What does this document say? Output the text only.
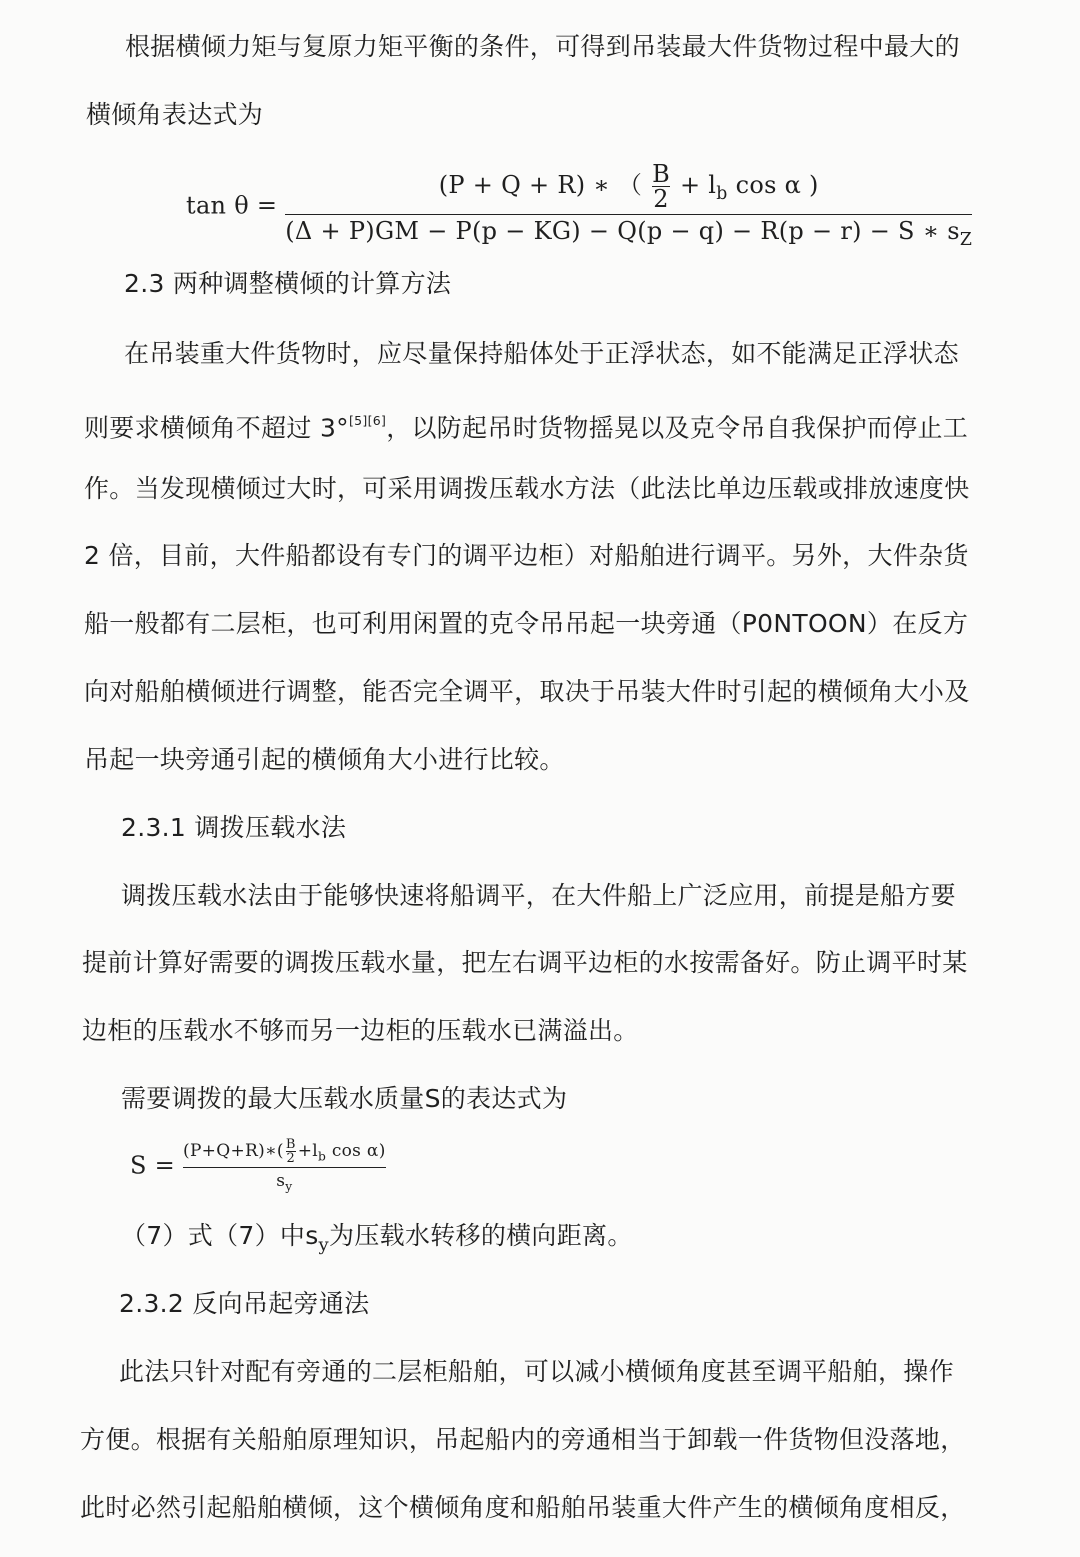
根据横倾力矩与复原力矩平衡的条件，可得到吊装最大件货物过程中最大的
横倾角表达式为
tan θ =
(P + Q + R) ∗ （ $\frac{B}{2} + l_b$ cos α )
(Δ + P)GM − P(p − KG) − Q(p − q) − R(p − r) − S ∗ $s_Z$
2.3 两种调整横倾的计算方法
在吊装重大件货物时，应尽量保持船体处于正浮状态，如不能满足正浮状态
则要求横倾角不超过 3°[5][6]，以防起吊时货物摇晃以及克令吊自我保护而停止工
作。当发现横倾过大时，可采用调拨压载水方法（此法比单边压载或排放速度快
2 倍，目前，大件船都设有专门的调平边柜）对船舶进行调平。另外，大件杂货
船一般都有二层柜，也可利用闲置的克令吊吊起一块旁通（P0NTOON）在反方
向对船舶横倾进行调整，能否完全调平，取决于吊装大件时引起的横倾角大小及
吊起一块旁通引起的横倾角大小进行比较。
2.3.1 调拨压载水法
调拨压载水法由于能够快速将船调平，在大件船上广泛应用，前提是船方要
提前计算好需要的调拨压载水量，把左右调平边柜的水按需备好。防止调平时某
边柜的压载水不够而另一边柜的压载水已满溢出。
需要调拨的最大压载水质量S的表达式为
$S = \frac{(P+Q+R)∗( \frac{B}{2} +l_b \cos \alpha)}{s_y}$
（7）式（7）中$s_y$为压载水转移的横向距离。
2.3.2 反向吊起旁通法
此法只针对配有旁通的二层柜船舶，可以减小横倾角度甚至调平船舶，操作
方便。根据有关船舶原理知识，吊起船内的旁通相当于卸载一件货物但没落地，
此时必然引起船舶横倾，这个横倾角度和船舶吊装重大件产生的横倾角度相反，
